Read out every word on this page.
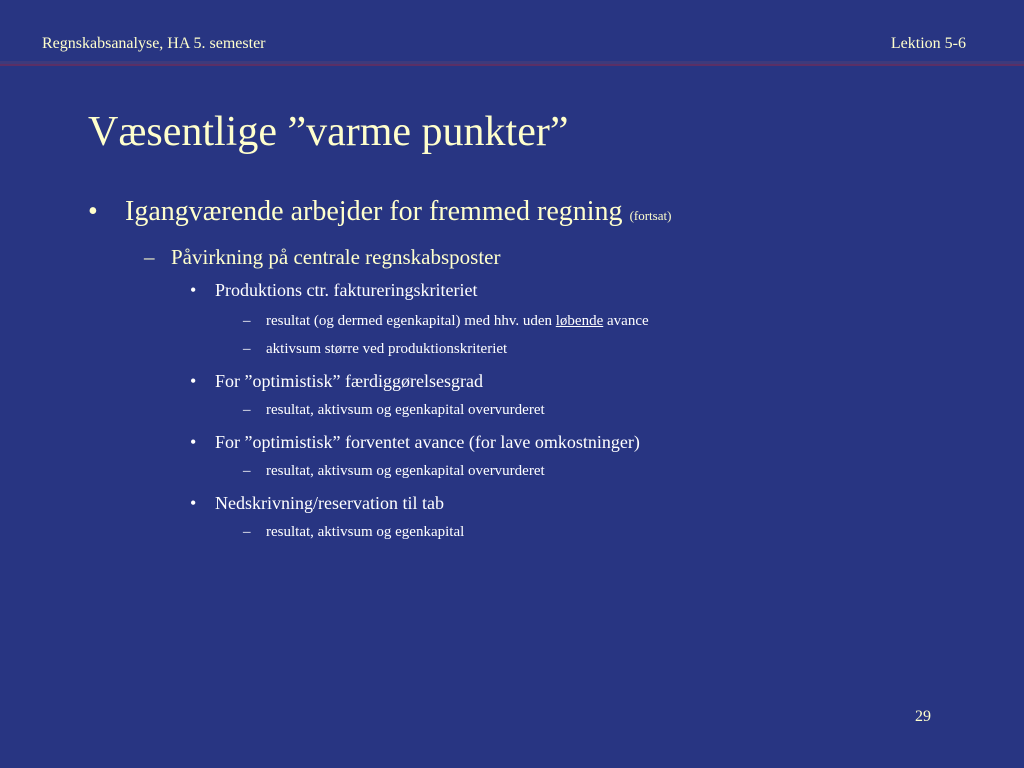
Regnskabsanalyse, HA 5. semester	Lektion 5-6
Væsentlige ”varme punkter”
• Igangværende arbejder for fremmed regning (fortsat)
– Påvirkning på centrale regnskabsposter
• Produktions ctr. faktureringskriteriet
– resultat (og dermed egenkapital) med hhv. uden løbende avance
– aktivsum større ved produktionskriteriet
• For ”optimistisk” færdiggørelsesgrad
– resultat, aktivsum og egenkapital overvurderet
• For ”optimistisk” forventet avance (for lave omkostninger)
– resultat, aktivsum og egenkapital overvurderet
• Nedskrivning/reservation til tab
– resultat, aktivsum og egenkapital
29
